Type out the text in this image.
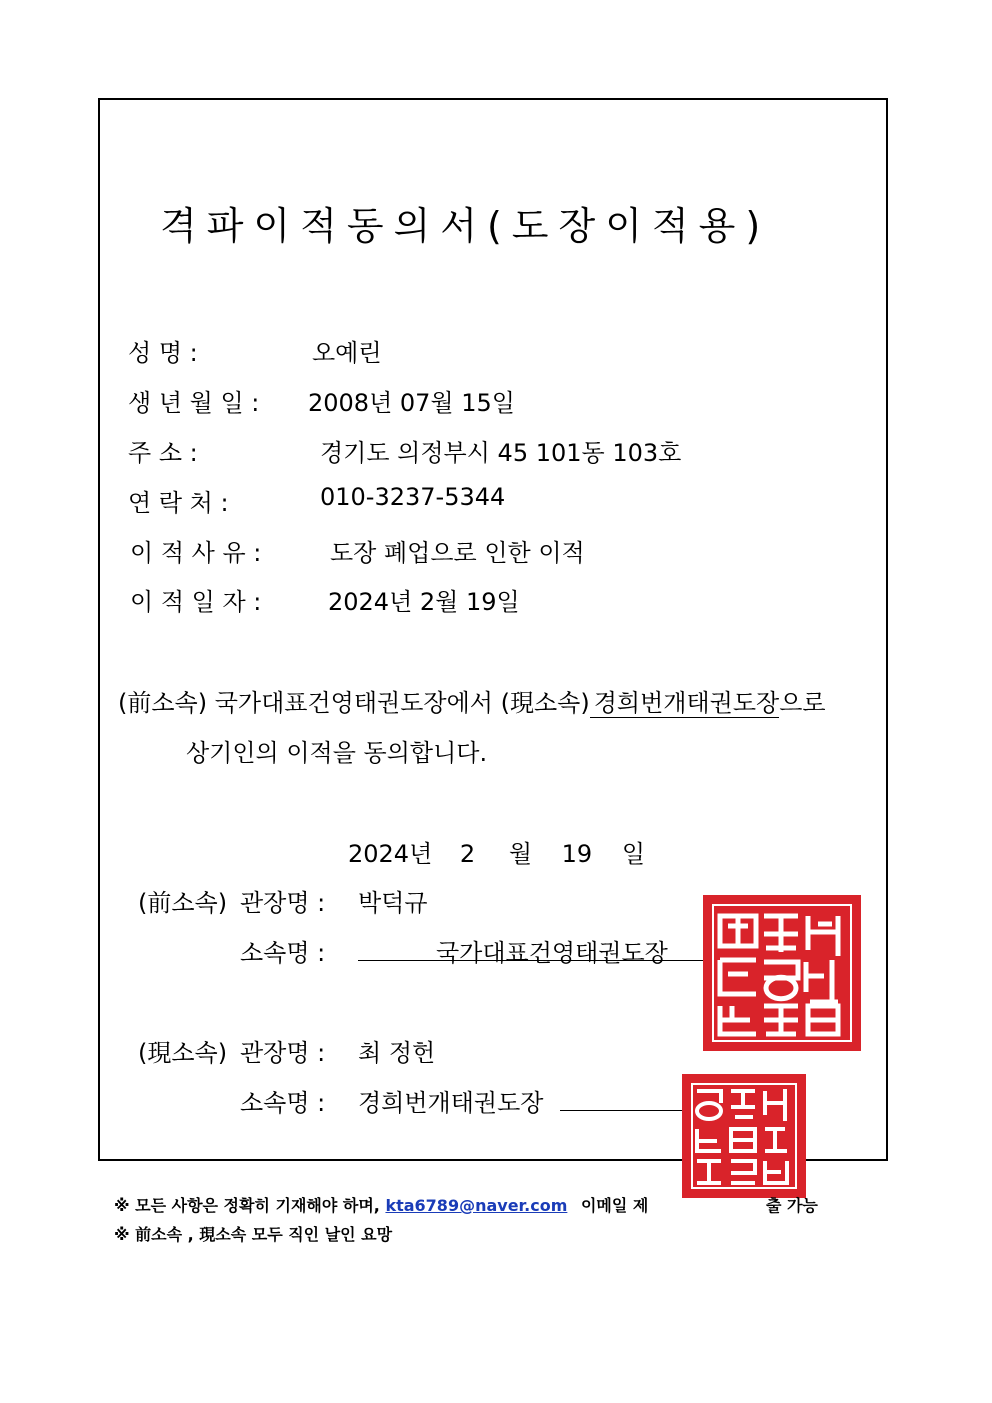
격파이적동의서(도장이적용)
성 명 :	오예린
생 년 월 일 : 2008년 07월 15일
주 소 :	경기도 의정부시 45 101동 103호
연 락 처 :	010-3237-5344
이 적 사 유 :	도장 폐업으로 인한 이적
이 적 일 자 :	2024년 2월 19일
(前소속) 국가대표건영태권도장에서 (現소속) 경희번개태권도장으로
상기인의 이적을 동의합니다.
2024년 2 월 19 일
(前소속) 관장명 : 박덕규
소속명 :	국가대표건영태권도장
(現소속) 관장명 : 최 정헌
소속명 : 경희번개태권도장
※ 모든 사항은 정확히 기재해야 하며, kta6789@naver.com 이메일 제	출 가능
※ 前소속 , 現소속 모두 직인 날인 요망
